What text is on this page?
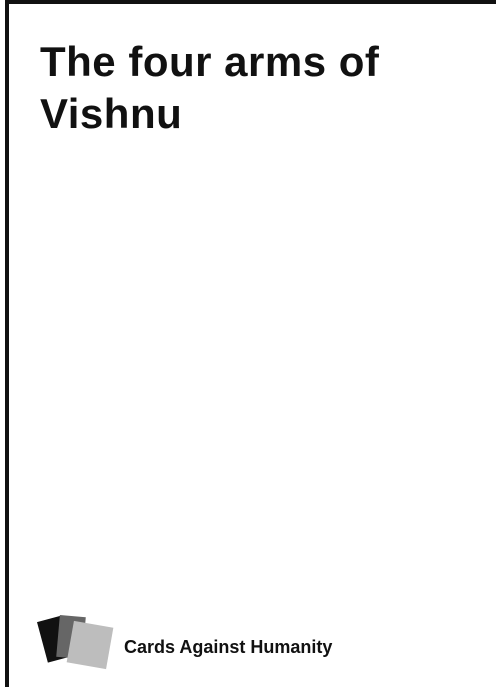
The four arms of Vishnu

Cards Against Humanity
